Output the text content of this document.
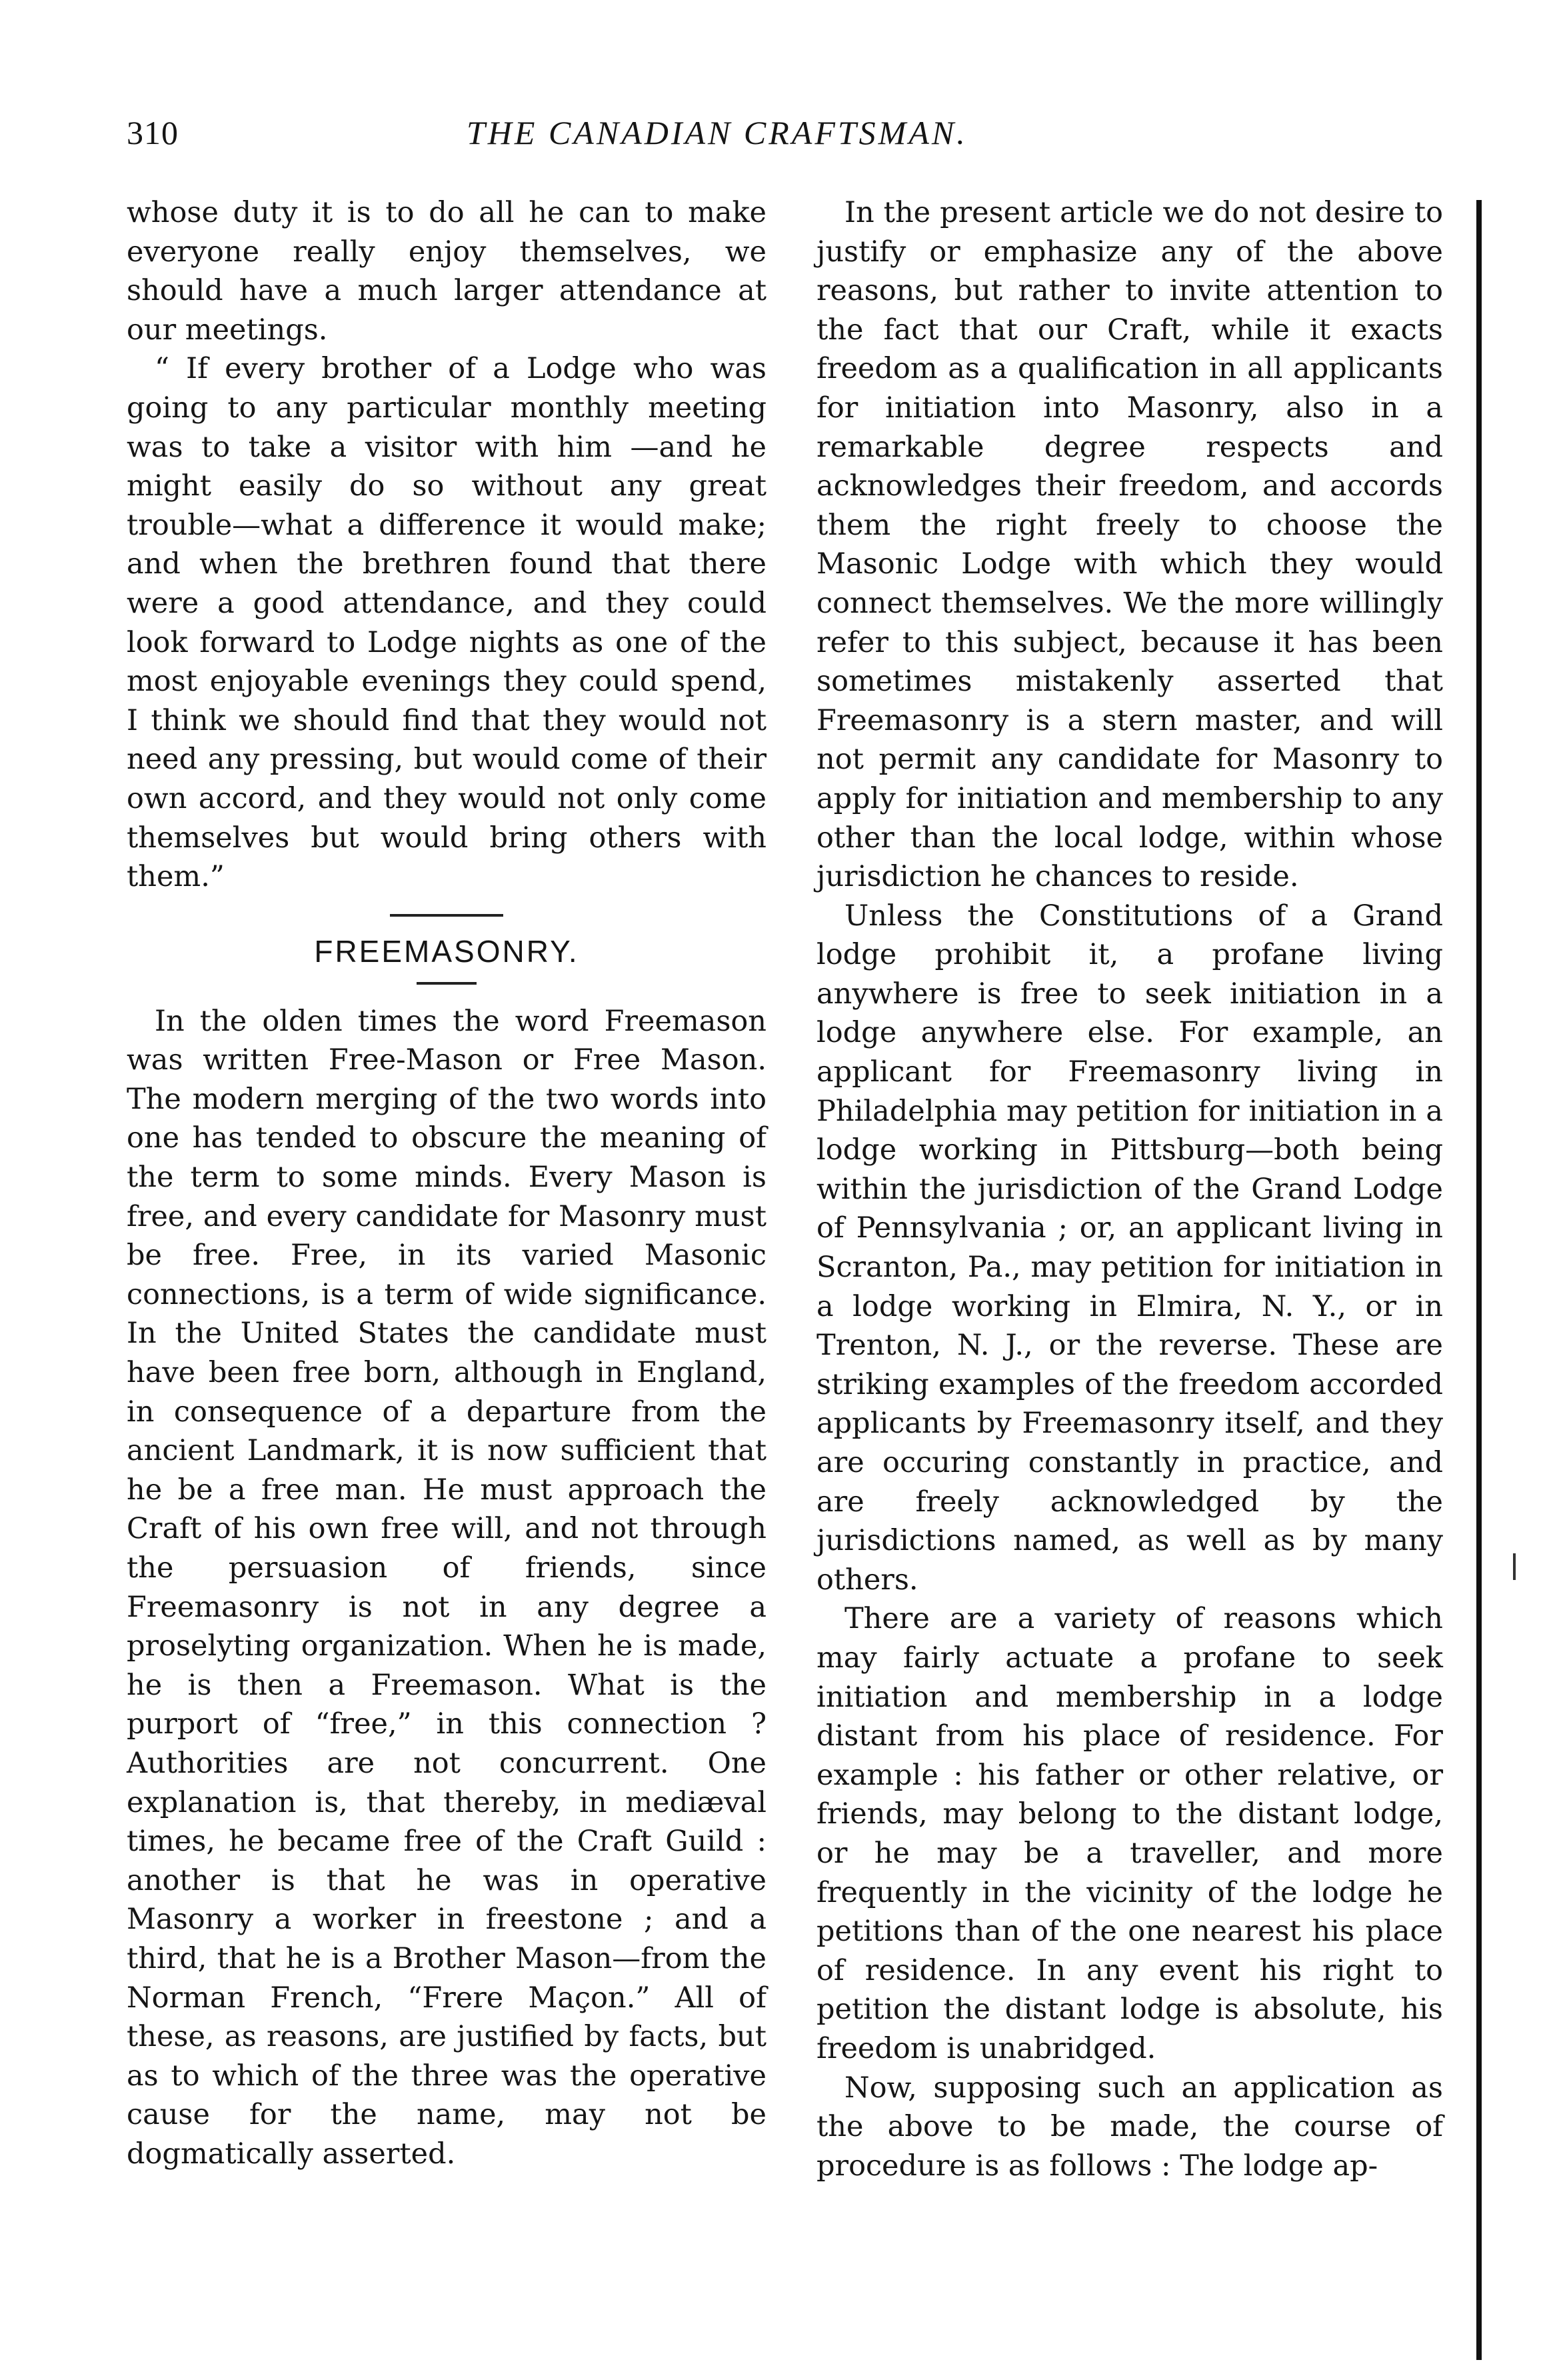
310	THE CANADIAN CRAFTSMAN.

whose duty it is to do all he can to make everyone really enjoy themselves, we should have a much larger attendance at our meetings.

“ If every brother of a Lodge who was going to any particular monthly meeting was to take a visitor with him —and he might easily do so without any great trouble—what a difference it would make; and when the brethren found that there were a good attendance, and they could look forward to Lodge nights as one of the most enjoyable evenings they could spend, I think we should find that they would not need any pressing, but would come of their own accord, and they would not only come themselves but would bring others with them.”

FREEMASONRY.

In the olden times the word Freemason was written Free-Mason or Free Mason. The modern merging of the two words into one has tended to obscure the meaning of the term to some minds. Every Mason is free, and every candidate for Masonry must be free. Free, in its varied Masonic connections, is a term of wide significance. In the United States the candidate must have been free born, although in England, in consequence of a departure from the ancient Landmark, it is now sufficient that he be a free man. He must approach the Craft of his own free will, and not through the persuasion of friends, since Freemasonry is not in any degree a proselyting organization. When he is made, he is then a Freemason. What is the purport of “free,” in this connection ? Authorities are not concurrent. One explanation is, that thereby, in mediæval times, he became free of the Craft Guild : another is that he was in operative Masonry a worker in freestone ; and a third, that he is a Brother Mason—from the Norman French, “Frere Maçon.” All of these, as reasons, are justified by facts, but as to which of the three was the operative cause for the name, may not be dogmatically asserted.

In the present article we do not desire to justify or emphasize any of the above reasons, but rather to invite attention to the fact that our Craft, while it exacts freedom as a qualification in all applicants for initiation into Masonry, also in a remarkable degree respects and acknowledges their freedom, and accords them the right freely to choose the Masonic Lodge with which they would connect themselves. We the more willingly refer to this subject, because it has been sometimes mistakenly asserted that Freemasonry is a stern master, and will not permit any candidate for Masonry to apply for initiation and membership to any other than the local lodge, within whose jurisdiction he chances to reside.

Unless the Constitutions of a Grand lodge prohibit it, a profane living anywhere is free to seek initiation in a lodge anywhere else. For example, an applicant for Freemasonry living in Philadelphia may petition for initiation in a lodge working in Pittsburg—both being within the jurisdiction of the Grand Lodge of Pennsylvania ; or, an applicant living in Scranton, Pa., may petition for initiation in a lodge working in Elmira, N. Y., or in Trenton, N. J., or the reverse. These are striking examples of the freedom accorded applicants by Freemasonry itself, and they are occuring constantly in practice, and are freely acknowledged by the jurisdictions named, as well as by many others.

There are a variety of reasons which may fairly actuate a profane to seek initiation and membership in a lodge distant from his place of residence. For example : his father or other relative, or friends, may belong to the distant lodge, or he may be a traveller, and more frequently in the vicinity of the lodge he petitions than of the one nearest his place of residence. In any event his right to petition the distant lodge is absolute, his freedom is unabridged.

Now, supposing such an application as the above to be made, the course of procedure is as follows : The lodge ap-
